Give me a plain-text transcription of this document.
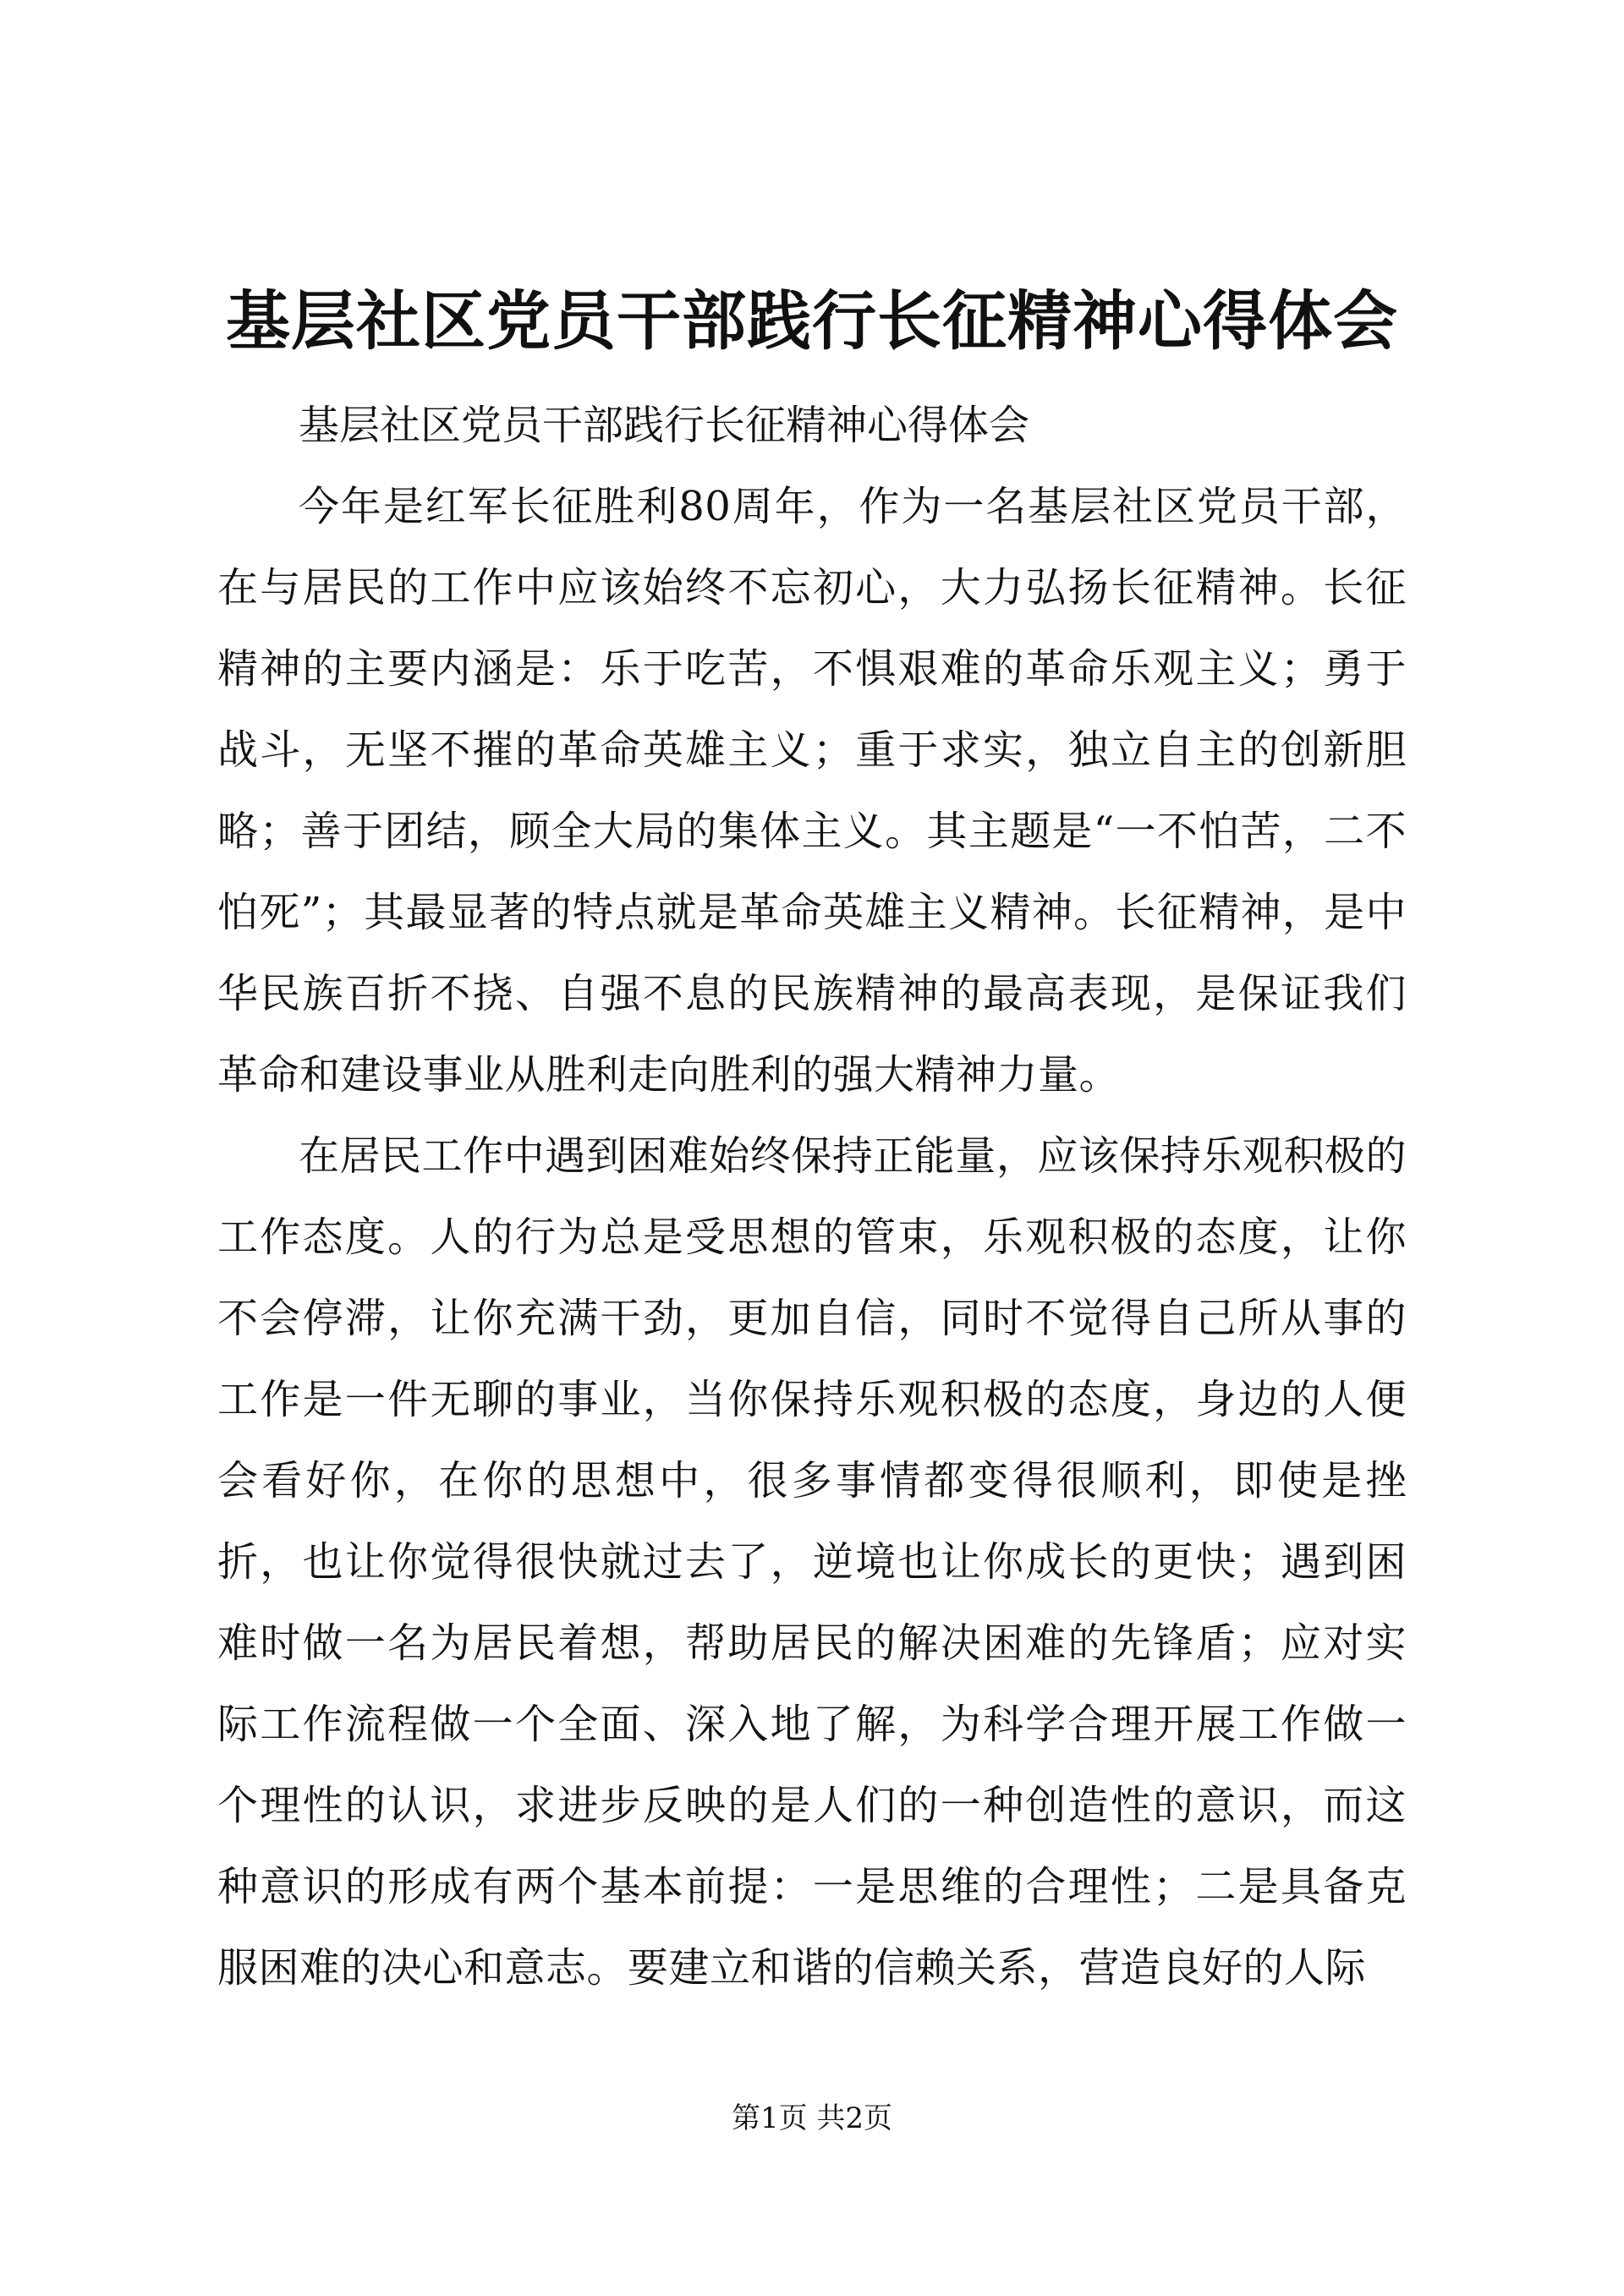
基层社区党员干部践行长征精神心得体会

基层社区党员干部践行长征精神心得体会

今年是红军长征胜利80周年，作为一名基层社区党员干部，在与居民的工作中应该始终不忘初心，大力弘扬长征精神。长征精神的主要内涵是：乐于吃苦，不惧艰难的革命乐观主义；勇于战斗，无坚不摧的革命英雄主义；重于求实，独立自主的创新胆略；善于团结，顾全大局的集体主义。其主题是“一不怕苦，二不怕死”；其最显著的特点就是革命英雄主义精神。长征精神，是中华民族百折不挠、自强不息的民族精神的最高表现，是保证我们革命和建设事业从胜利走向胜利的强大精神力量。

在居民工作中遇到困难始终保持正能量，应该保持乐观积极的工作态度。人的行为总是受思想的管束，乐观积极的态度，让你不会停滞，让你充满干劲，更加自信，同时不觉得自己所从事的工作是一件无聊的事业，当你保持乐观积极的态度，身边的人便会看好你，在你的思想中，很多事情都变得很顺利，即使是挫折，也让你觉得很快就过去了，逆境也让你成长的更快；遇到困难时做一名为居民着想，帮助居民的解决困难的先锋盾；应对实际工作流程做一个全面、深入地了解，为科学合理开展工作做一个理性的认识，求进步反映的是人们的一种创造性的意识，而这种意识的形成有两个基本前提：一是思维的合理性；二是具备克服困难的决心和意志。要建立和谐的信赖关系，营造良好的人际

第1页 共2页
